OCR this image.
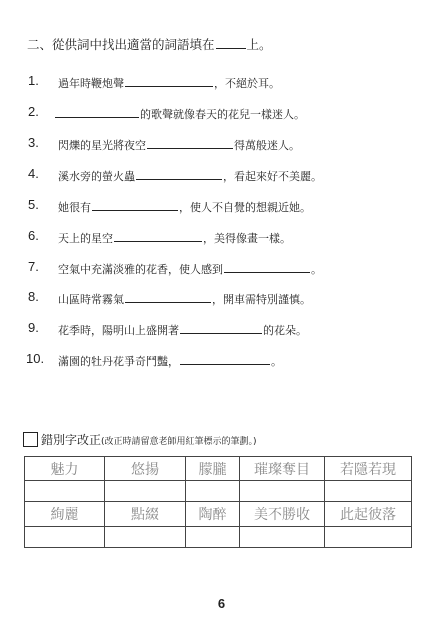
二、從供詞中找出適當的詞語填在	上。
1. 過年時鞭炮聲	，不絕於耳。
2.	的歌聲就像春天的花兒一樣迷人。
3. 閃爍的星光將夜空	得萬般迷人。
4. 溪水旁的螢火蟲	，看起來好不美麗。
5. 她很有	，使人不自覺的想親近她。
6. 天上的星空	，美得像畫一樣。
7. 空氣中充滿淡雅的花香，使人感到	。
8. 山區時常霧氣	，開車需特別謹慎。
9. 花季時，陽明山上盛開著	的花朵。
10. 滿園的牡丹花爭奇鬥豔，	。
錯別字改正(改正時請留意老師用紅筆標示的筆劃。)
魅力	悠揚	朦朧	璀璨奪目	若隱若現

絢麗	點綴	陶醉	美不勝收	此起彼落

6
